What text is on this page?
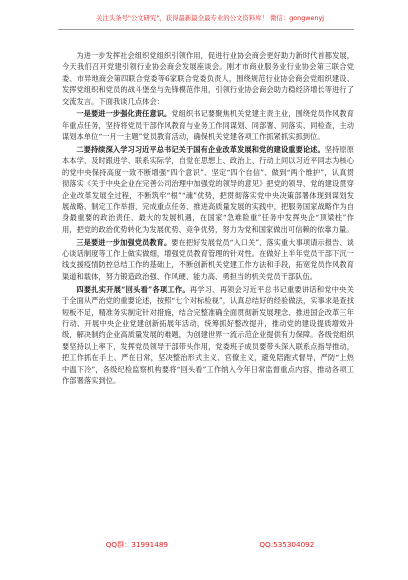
关注头条号"公文研究"，获得最新最全最专业的公文资料库！ 微信：gongwenyj

为进一步发挥社会组织党组织引领作用，促进行业协会商会更好助力新时代首都发展，今天我们召开党建引领行业协会商会发展座谈会。刚才市商业服务业行业协会第三联合党委、市异地商会第四联合党委等6家联合党委负责人，围绕规范行业协会商会党组织建设、发挥党组织和党员的战斗堡垒与先锋模范作用，引领行业协会商会助力稳经济增长等进行了交流发言。下面我谈几点体会：

一是要进一步强化责任意识。党组织书记要聚焦机关党建主责主业，围绕党员作风教育年重点任务，坚持将党员干部作风教育与业务工作同谋划、同部署、同落实、同检查，主动谋划本单位“一月一主题”党员教育活动，确保机关党建各项工作抓紧抓实抓到位。

二要持续深入学习习近平总书记关于国有企业改革发展和党的建设重要论述。坚持原原本本学、及时跟进学、联系实际学，自觉在思想上、政治上、行动上同以习近平同志为核心的党中央保持高度一致不断增强“四个意识”、坚定“四个自信”、做到“两个维护”，认真贯彻落实《关于中央企业在完善公司治理中加强党的领导的意见》把党的领导、党的建设贯穿企业改革发展全过程，不断筑牢“根”“魂”优势，把贯彻落实党中央决策部署体现到谋划发展战略、制定工作举措、完成重点任务、推进高质量发展的实践中，把服务国家战略作为自身最重要的政治责任、最大的发展机遇，在国家“急难险重”任务中发挥央企“顶梁柱”作用，把党的政治优势转化为发展优势、竞争优势，努力为党和国家做出可信赖的依靠力量。

三是要进一步加强党员教育。要在把好发展党员“入口关”、落实重大事项请示报告、谈心谈话制度等工作上做实做细，增强党员教育管理的针对性。在做好上半年党员干部下沉一线支援疫情防控总结工作的基础上，不断创新机关党建工作方法和手段，拓宽党员作风教育渠道和载体，努力锻造政治强、作风硬、能力高、勇担当的机关党员干部队伍。

四要扎实开展“回头看”各项工作。再学习、再领会习近平总书记重要讲话和党中央关于全面从严治党的重要论述，按照“七个对标检视”，认真总结好的经验做法，实事求是查找短板不足，精准务实制定针对措施，结合完整准确全面贯彻新发展理念、推进国企改革三年行动、开展中央企业党建创新拓展年活动，统筹抓好整改提升，推动党的建设提质增效升级，解决制约企业高质量发展的难题，为创建世界一流示范企业提供有力保障。各级党组织要坚持以上率下，发挥党员领导干部带头作用，党委班子成员要带头深入联系点指导推动，把工作抓在手上、严在日常，坚决整治形式主义、官僚主义，避免陪跑式督导，严防“上热中温下冷”，各级纪检监察机构要将“回头看”工作纳入今年日常监督重点内容，推动各项工作部署落实到位。

QQ群：31991489	QQ:535304092
